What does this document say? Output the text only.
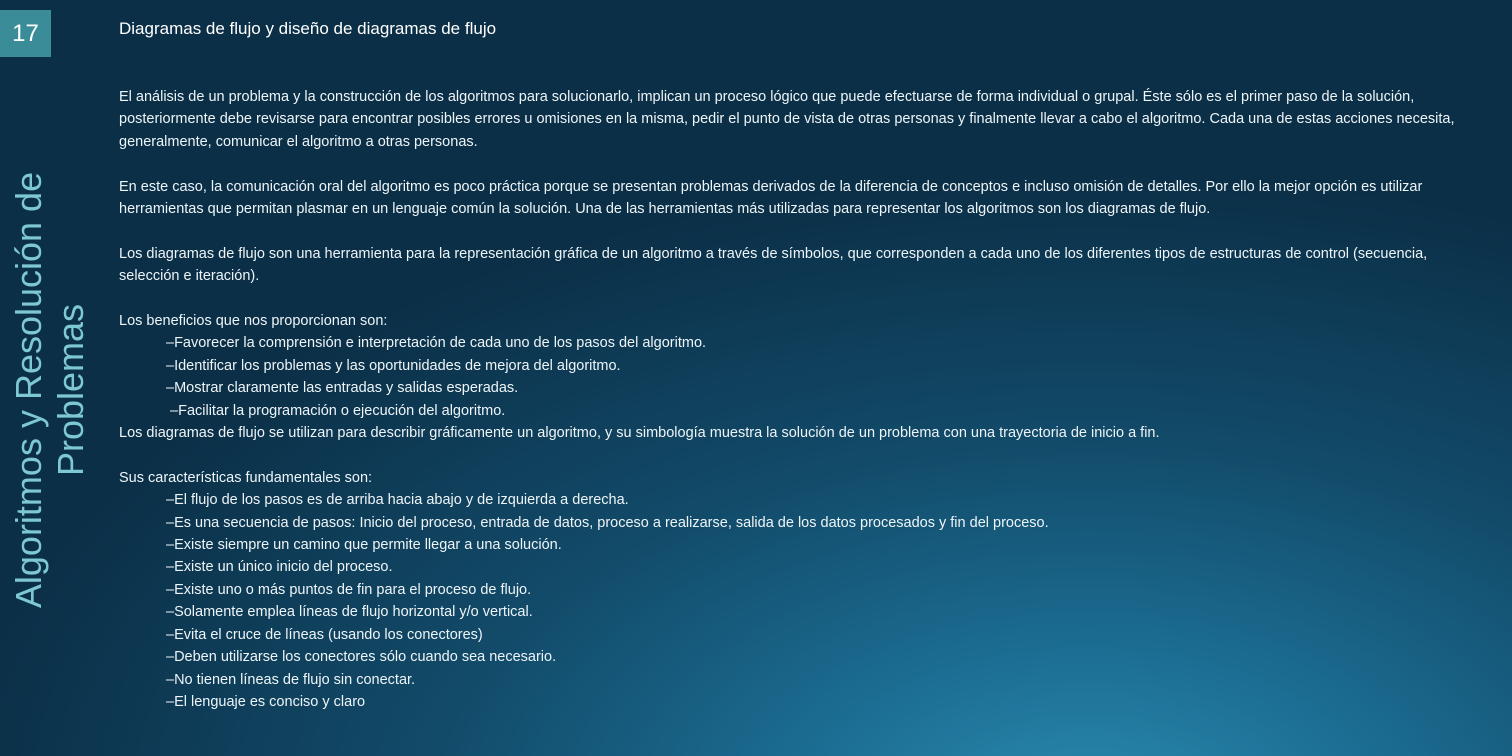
17
Algoritmos y Resolución de Problemas
Diagramas de flujo y diseño de diagramas de flujo

El análisis de un problema y la construcción de los algoritmos para solucionarlo, implican un proceso lógico que puede efectuarse de forma individual o grupal. Éste sólo es el primer paso de la solución, posteriormente debe revisarse para encontrar posibles errores u omisiones en la misma, pedir el punto de vista de otras personas y finalmente llevar a cabo el algoritmo. Cada una de estas acciones necesita, generalmente, comunicar el algoritmo a otras personas.

En este caso, la comunicación oral del algoritmo es poco práctica porque se presentan problemas derivados de la diferencia de conceptos e incluso omisión de detalles. Por ello la mejor opción es utilizar herramientas que permitan plasmar en un lenguaje común la solución. Una de las herramientas más utilizadas para representar los algoritmos son los diagramas de flujo.

Los diagramas de flujo son una herramienta para la representación gráfica de un algoritmo a través de símbolos, que corresponden a cada uno de los diferentes tipos de estructuras de control (secuencia, selección e iteración).

Los beneficios que nos proporcionan son:

–Favorecer la comprensión e interpretación de cada uno de los pasos del algoritmo.
–Identificar los problemas y las oportunidades de mejora del algoritmo.
–Mostrar claramente las entradas y salidas esperadas.
–Facilitar la programación o ejecución del algoritmo.

Los diagramas de flujo se utilizan para describir gráficamente un algoritmo, y su simbología muestra la solución de un problema con una trayectoria de inicio a fin.

Sus características fundamentales son:

–El flujo de los pasos es de arriba hacia abajo y de izquierda a derecha.
–Es una secuencia de pasos: Inicio del proceso, entrada de datos, proceso a realizarse, salida de los datos procesados y fin del proceso.
–Existe siempre un camino que permite llegar a una solución.
–Existe un único inicio del proceso.
–Existe uno o más puntos de fin para el proceso de flujo.
–Solamente emplea líneas de flujo horizontal y/o vertical.
–Evita el cruce de líneas (usando los conectores)
–Deben utilizarse los conectores sólo cuando sea necesario.
–No tienen líneas de flujo sin conectar.
–El lenguaje es conciso y claro
